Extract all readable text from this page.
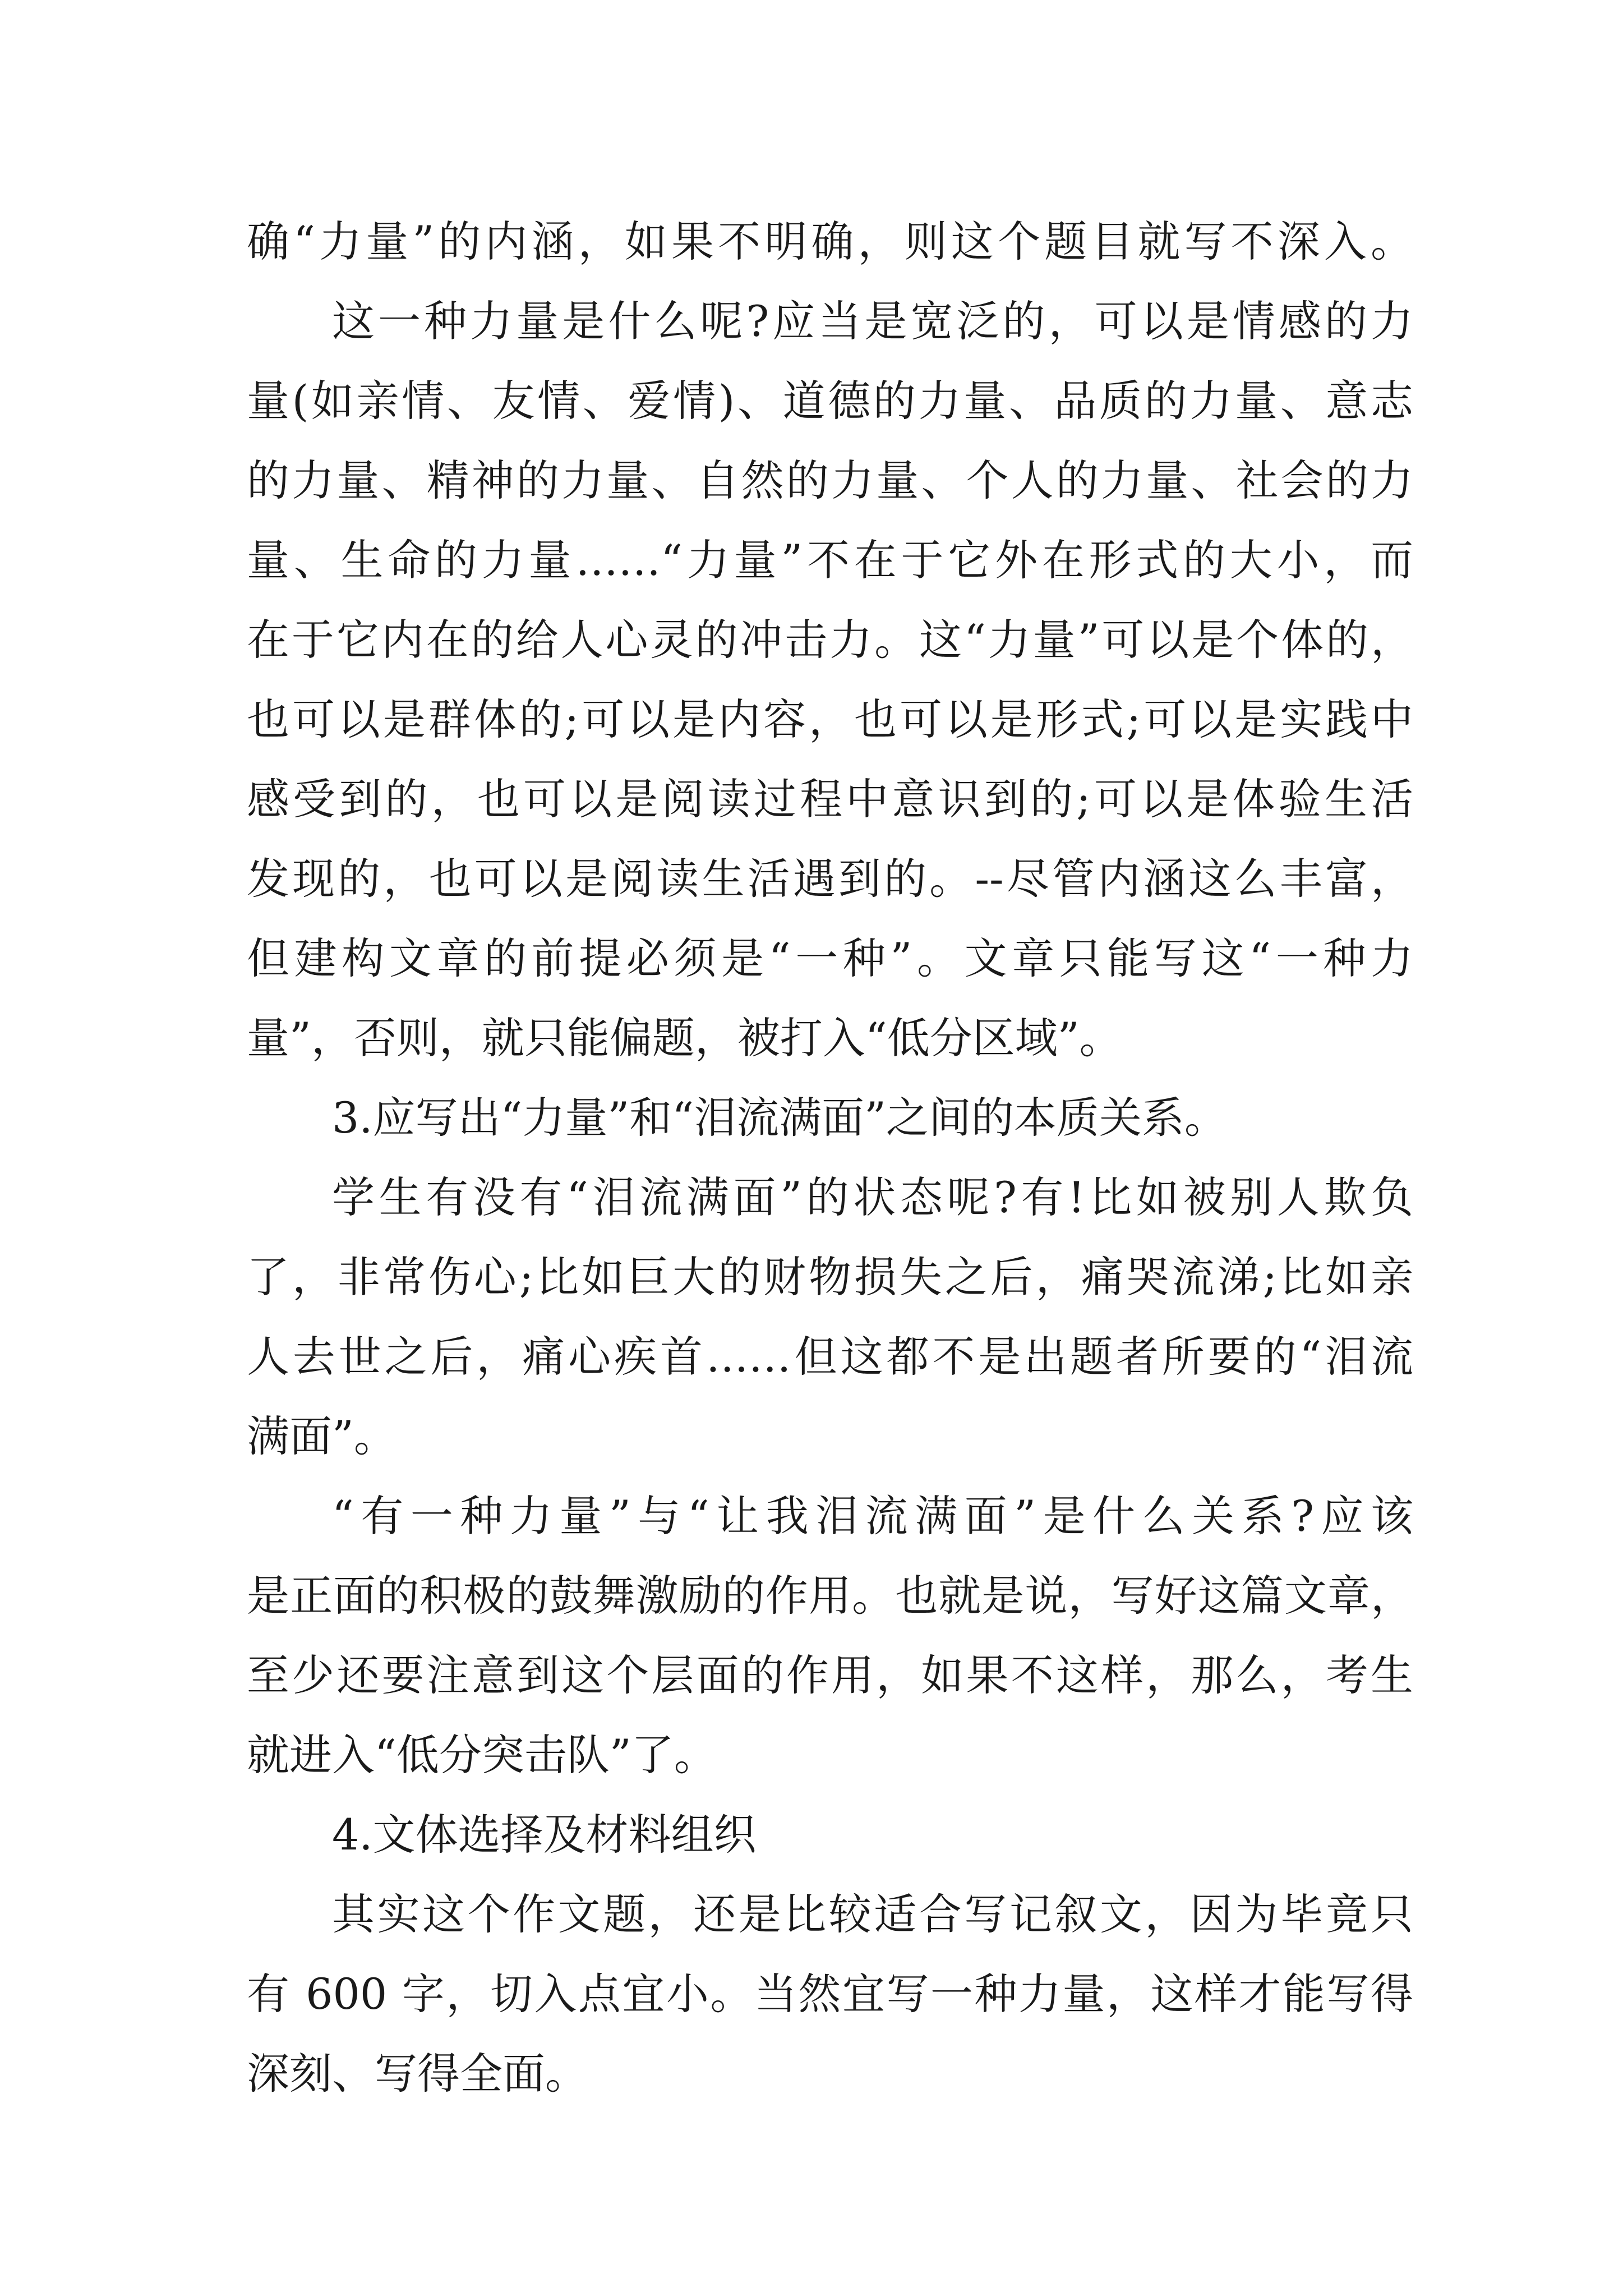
确“力量”的内涵，如果不明确，则这个题目就写不深入。
这一种力量是什么呢?应当是宽泛的，可以是情感的力
量(如亲情、友情、爱情)、道德的力量、品质的力量、意志
的力量、精神的力量、自然的力量、个人的力量、社会的力
量、生命的力量……“力量”不在于它外在形式的大小，而
在于它内在的给人心灵的冲击力。这“力量”可以是个体的，
也可以是群体的;可以是内容，也可以是形式;可以是实践中
感受到的，也可以是阅读过程中意识到的;可以是体验生活
发现的，也可以是阅读生活遇到的。--尽管内涵这么丰富，
但建构文章的前提必须是“一种”。文章只能写这“一种力
量”，否则，就只能偏题，被打入“低分区域”。
3.应写出“力量”和“泪流满面”之间的本质关系。
学生有没有“泪流满面”的状态呢?有!比如被别人欺负
了，非常伤心;比如巨大的财物损失之后，痛哭流涕;比如亲
人去世之后，痛心疾首……但这都不是出题者所要的“泪流
满面”。
“有一种力量”与“让我泪流满面”是什么关系?应该
是正面的积极的鼓舞激励的作用。也就是说，写好这篇文章，
至少还要注意到这个层面的作用，如果不这样，那么，考生
就进入“低分突击队”了。
4.文体选择及材料组织
其实这个作文题，还是比较适合写记叙文，因为毕竟只
有 600 字，切入点宜小。当然宜写一种力量，这样才能写得
深刻、写得全面。
